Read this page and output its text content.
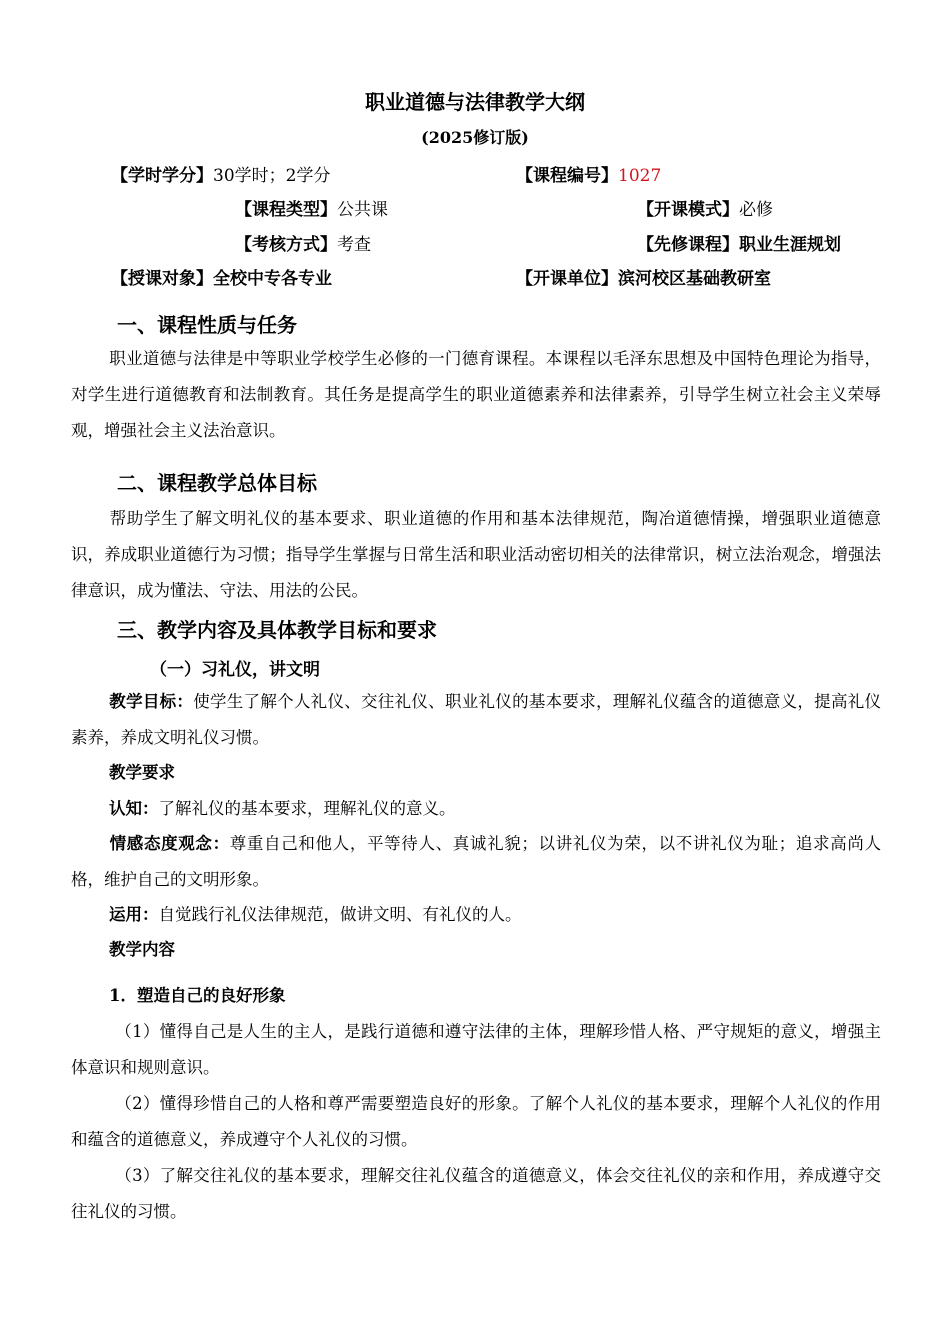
职业道德与法律教学大纲
(2025修订版)
【学时学分】30学时；2学分	【课程编号】1027
【课程类型】公共课	【开课模式】必修
【考核方式】考查	【先修课程】职业生涯规划
【授课对象】全校中专各专业	【开课单位】滨河校区基础教研室
一、课程性质与任务
职业道德与法律是中等职业学校学生必修的一门德育课程。本课程以毛泽东思想及中国特色理论为指导，对学生进行道德教育和法制教育。其任务是提高学生的职业道德素养和法律素养，引导学生树立社会主义荣辱观，增强社会主义法治意识。
二、课程教学总体目标
帮助学生了解文明礼仪的基本要求、职业道德的作用和基本法律规范，陶冶道德情操，增强职业道德意识，养成职业道德行为习惯；指导学生掌握与日常生活和职业活动密切相关的法律常识，树立法治观念，增强法律意识，成为懂法、守法、用法的公民。
三、教学内容及具体教学目标和要求
（一）习礼仪，讲文明
教学目标：使学生了解个人礼仪、交往礼仪、职业礼仪的基本要求，理解礼仪蕴含的道德意义，提高礼仪素养，养成文明礼仪习惯。
教学要求
认知：了解礼仪的基本要求，理解礼仪的意义。
情感态度观念：尊重自己和他人，平等待人、真诚礼貌；以讲礼仪为荣，以不讲礼仪为耻；追求高尚人格，维护自己的文明形象。
运用：自觉践行礼仪法律规范，做讲文明、有礼仪的人。
教学内容
1．塑造自己的良好形象
（1）懂得自己是人生的主人，是践行道德和遵守法律的主体，理解珍惜人格、严守规矩的意义，增强主体意识和规则意识。
（2）懂得珍惜自己的人格和尊严需要塑造良好的形象。了解个人礼仪的基本要求，理解个人礼仪的作用和蕴含的道德意义，养成遵守个人礼仪的习惯。
（3）了解交往礼仪的基本要求，理解交往礼仪蕴含的道德意义，体会交往礼仪的亲和作用，养成遵守交往礼仪的习惯。
